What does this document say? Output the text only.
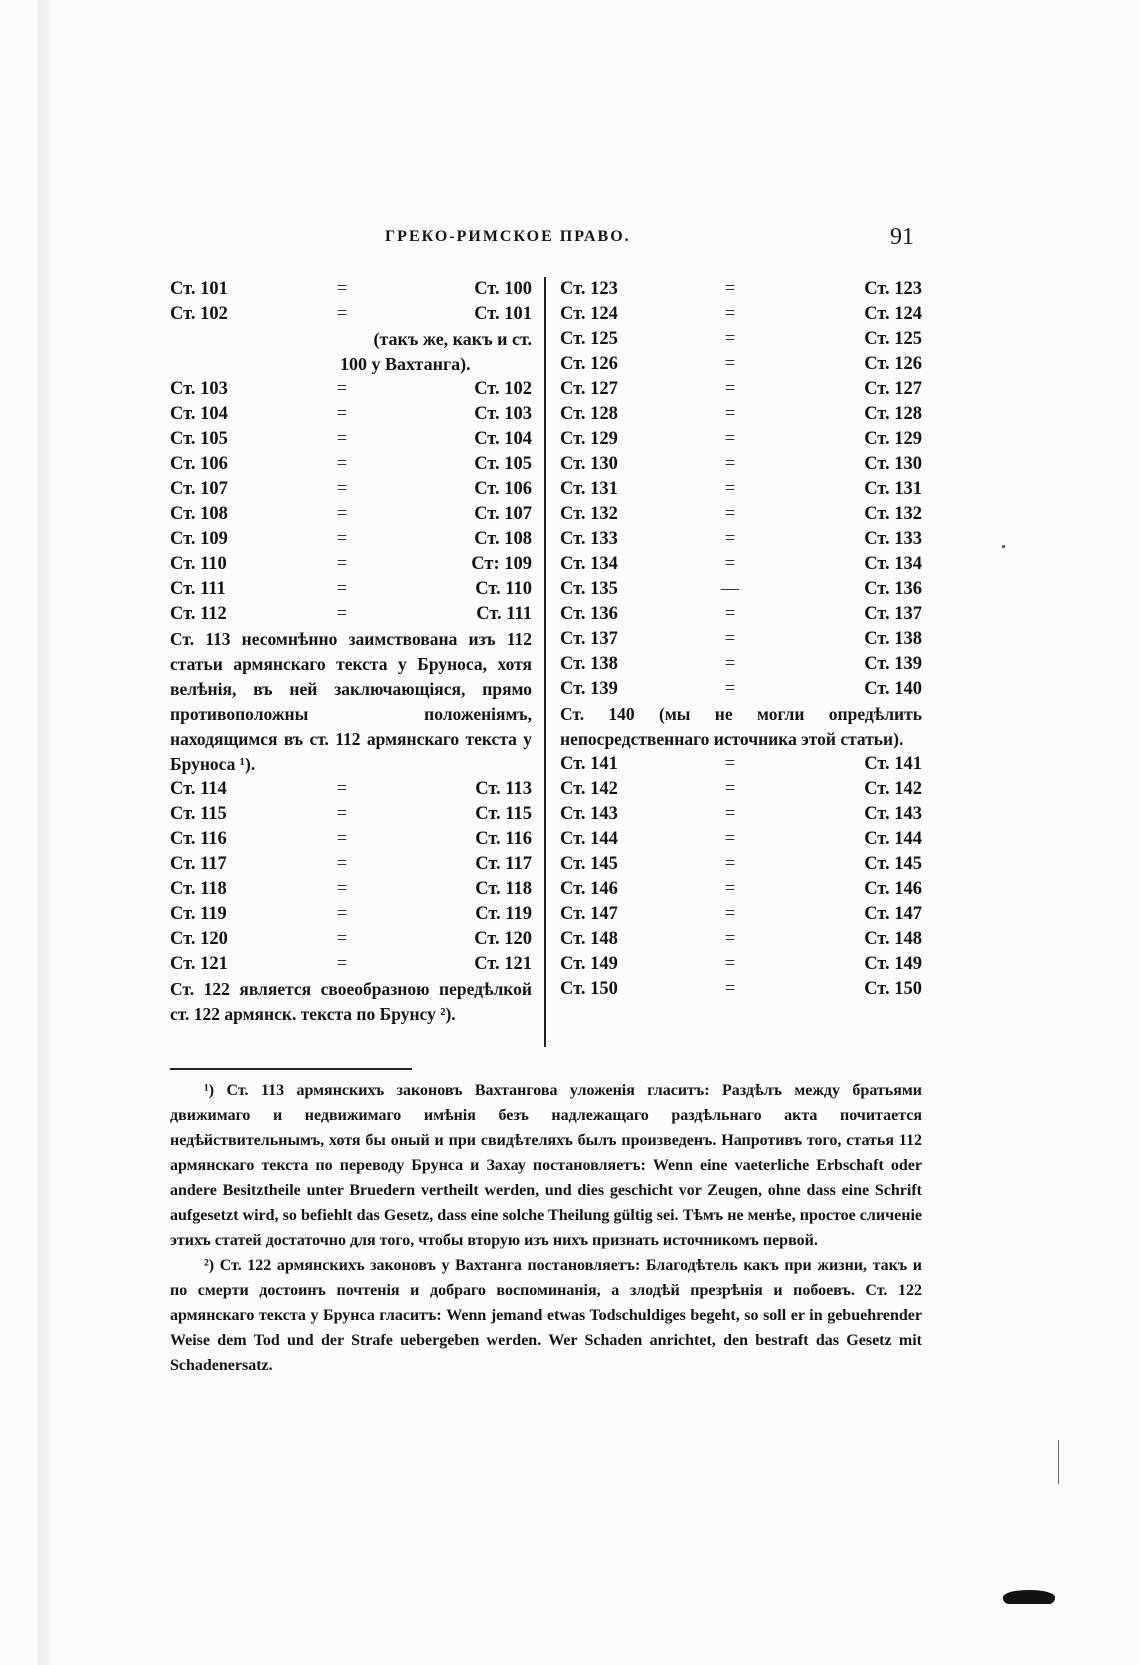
ГРЕКО-РИМСКОЕ ПРАВО.	91
Ст. 101	=	Ст. 100
Ст. 102	=	Ст. 101
(такъ же, какъ и ст.
100 у Вахтанга).
Ст. 103	=	Ст. 102
Ст. 104	=	Ст. 103
Ст. 105	=	Ст. 104
Ст. 106	=	Ст. 105
Ст. 107	=	Ст. 106
Ст. 108	=	Ст. 107
Ст. 109	=	Ст. 108
Ст. 110	=	Ст: 109
Ст. 111	=	Ст. 110
Ст. 112	=	Ст. 111
Ст. 113 несомнѣнно заимствована изъ 112 статьи армянскаго текста у Бруноса, хотя велѣнія, въ ней заключающіяся, прямо противоположны положеніямъ, находящимся въ ст. 112 армянскаго текста у Бруноса ¹).
Ст. 114	=	Ст. 113
Ст. 115	=	Ст. 115
Ст. 116	=	Ст. 116
Ст. 117	=	Ст. 117
Ст. 118	=	Ст. 118
Ст. 119	=	Ст. 119
Ст. 120	=	Ст. 120
Ст. 121	=	Ст. 121
Ст. 122 является своеобразною передѣлкой ст. 122 армянск. текста по Брунсу ²).
Ст. 123	=	Ст. 123
Ст. 124	=	Ст. 124
Ст. 125	=	Ст. 125
Ст. 126	=	Ст. 126
Ст. 127	=	Ст. 127
Ст. 128	=	Ст. 128
Ст. 129	=	Ст. 129
Ст. 130	=	Ст. 130
Ст. 131	=	Ст. 131
Ст. 132	=	Ст. 132
Ст. 133	=	Ст. 133
Ст. 134	=	Ст. 134
Ст. 135	—	Ст. 136
Ст. 136	=	Ст. 137
Ст. 137	=	Ст. 138
Ст. 138	=	Ст. 139
Ст. 139	=	Ст. 140
Ст. 140 (мы не могли опредѣлить непосредственнаго источника этой статьи).
Ст. 141	=	Ст. 141
Ст. 142	=	Ст. 142
Ст. 143	=	Ст. 143
Ст. 144	=	Ст. 144
Ст. 145	=	Ст. 145
Ст. 146	=	Ст. 146
Ст. 147	=	Ст. 147
Ст. 148	=	Ст. 148
Ст. 149	=	Ст. 149
Ст. 150	=	Ст. 150

¹) Ст. 113 армянскихъ законовъ Вахтангова уложенія гласитъ: Раздѣлъ между братьями движимаго и недвижимаго имѣнія безъ надлежащаго раздѣльнаго акта почитается недѣйствительнымъ, хотя бы оный и при свидѣтеляхъ былъ произведенъ. Напротивъ того, статья 112 армянскаго текста по переводу Брунса и Захау постановляетъ: Wenn eine vaeterliche Erbschaft oder andere Besitztheile unter Bruedern vertheilt werden, und dies geschicht vor Zeugen, ohne dass eine Schrift aufgesetzt wird, so befiehlt das Gesetz, dass eine solche Theilung gültig sei. Тѣмъ не менѣе, простое сличеніе этихъ статей достаточно для того, чтобы вторую изъ нихъ признать источникомъ первой.

²) Ст. 122 армянскихъ законовъ у Вахтанга постановляетъ: Благодѣтель какъ при жизни, такъ и по смерти достоинъ почтенія и добраго воспоминанія, а злодѣй презрѣнія и побоевъ. Ст. 122 армянскаго текста у Брунса гласитъ: Wenn jemand etwas Todschuldiges begeht, so soll er in gebuehrender Weise dem Tod und der Strafe uebergeben werden. Wer Schaden anrichtet, den bestraft das Gesetz mit Schadenersatz.
